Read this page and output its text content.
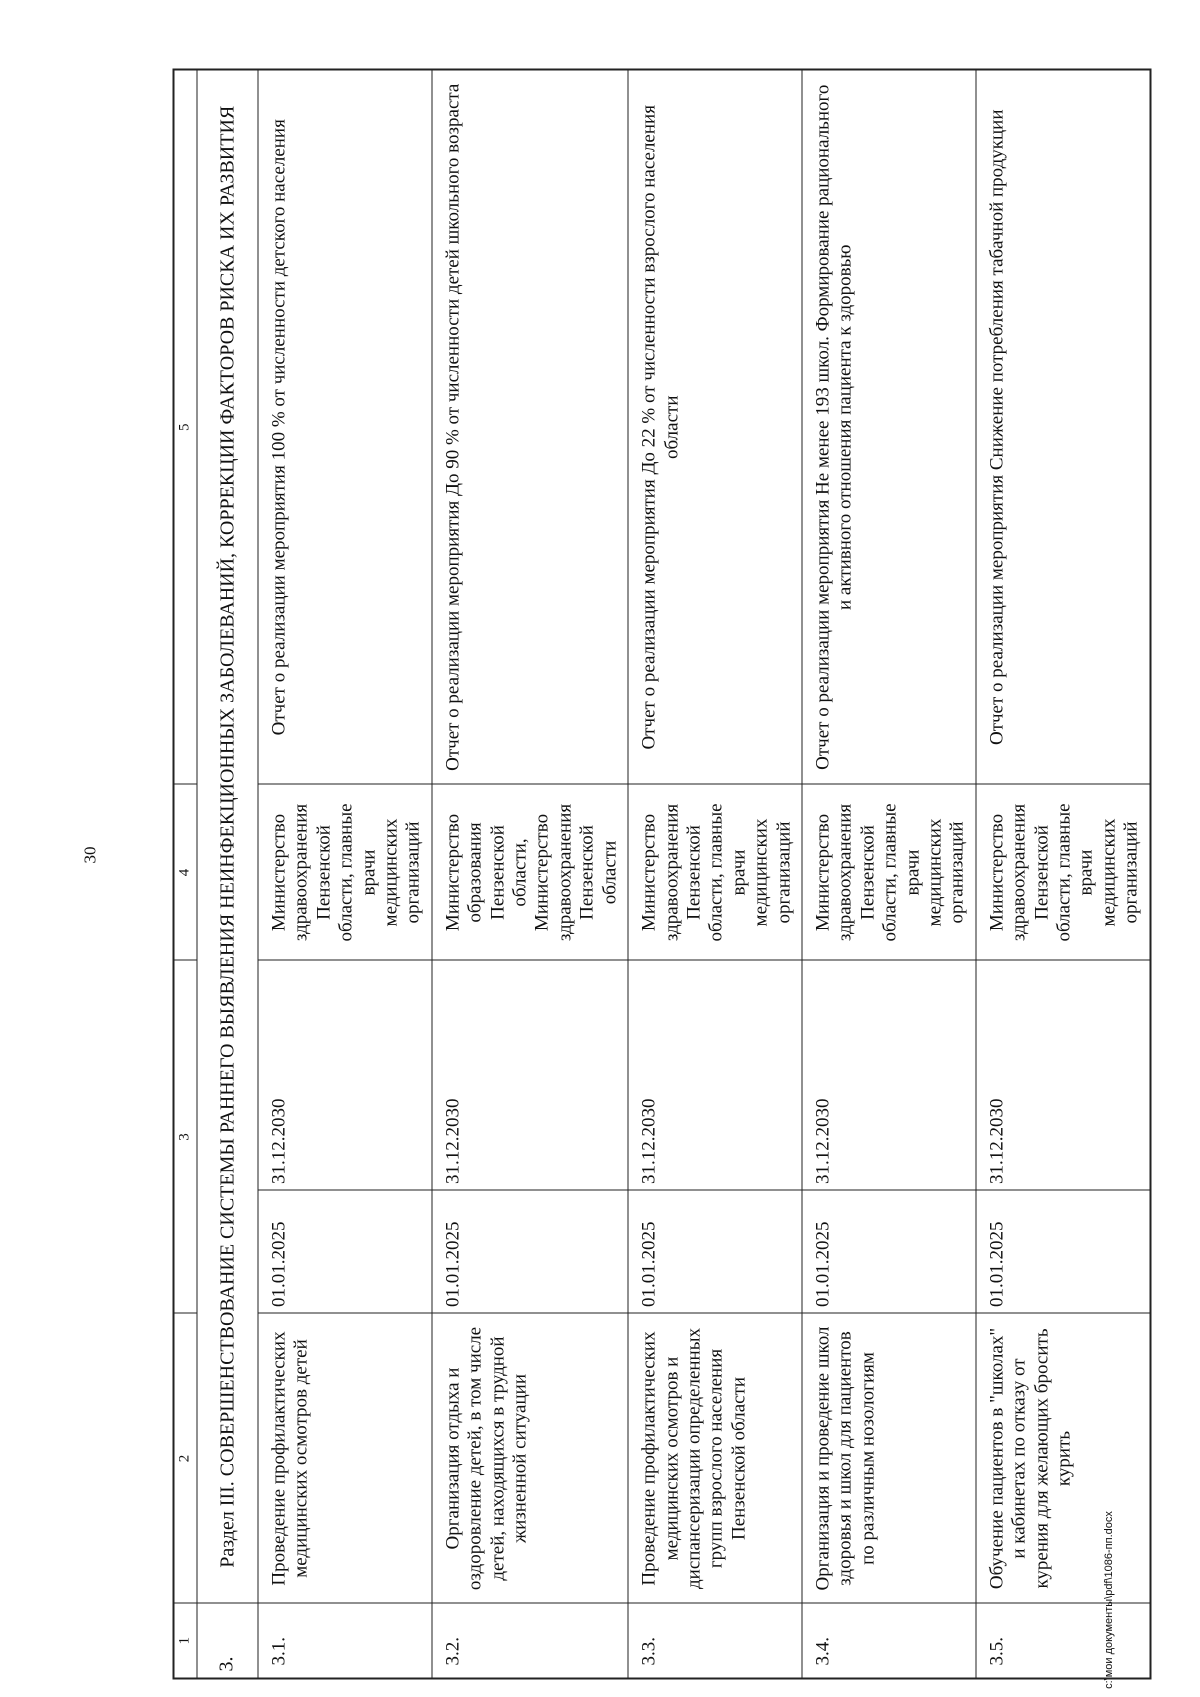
30
c:\мои документы\pdf\1086-пп.docx
1	2	3		4	5
3.	Раздел III. СОВЕРШЕНСТВОВАНИЕ СИСТЕМЫ РАННЕГО ВЫЯВЛЕНИЯ НЕИНФЕКЦИОННЫХ ЗАБОЛЕВАНИЙ, КОРРЕКЦИИ ФАКТОРОВ РИСКА ИХ РАЗВИТИЯ				
3.1.	Проведение профилактических медицинских осмотров детей	01.01.2025	31.12.2030	Министерство здравоохранения Пензенской области, главные врачи медицинских организаций	Отчет о реализации мероприятия 100 % от численности детского населения
3.2.	Организация отдыха и оздоровление детей, в том числе детей, находящихся в трудной жизненной ситуации	01.01.2025	31.12.2030	Министерство образования Пензенской области, Министерство здравоохранения Пензенской области	Отчет о реализации мероприятия До 90 % от численности детей школьного возраста
3.3.	Проведение профилактических медицинских осмотров и диспансеризации определенных групп взрослого населения Пензенской области	01.01.2025	31.12.2030	Министерство здравоохранения Пензенской области, главные врачи медицинских организаций	Отчет о реализации мероприятия До 22 % от численности взрослого населения области
3.4.	Организация и проведение школ здоровья и школ для пациентов по различным нозологиям	01.01.2025	31.12.2030	Министерство здравоохранения Пензенской области, главные врачи медицинских организаций	Отчет о реализации мероприятия Не менее 193 школ. Формирование рационального и активного отношения пациента к здоровью
3.5.	Обучение пациентов в "школах" и кабинетах по отказу от курения для желающих бросить курить	01.01.2025	31.12.2030	Министерство здравоохранения Пензенской области, главные врачи медицинских организаций	Отчет о реализации мероприятия Снижение потребления табачной продукции
